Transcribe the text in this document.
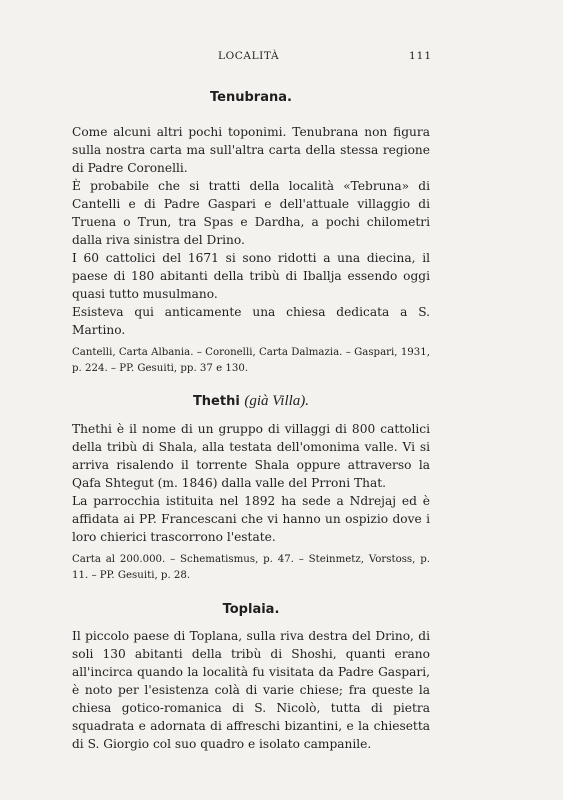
LOCALITÀ	111
Tenubrana.

Come alcuni altri pochi toponimi. Tenubrana non figura sulla nostra carta ma sull'altra carta della stessa regione di Padre Coronelli.

È probabile che si tratti della località «Tebruna» di Cantelli e di Padre Gaspari e dell'attuale villaggio di Truena o Trun, tra Spas e Dardha, a pochi chilometri dalla riva sinistra del Drino.

I 60 cattolici del 1671 si sono ridotti a una diecina, il paese di 180 abitanti della tribù di Iballja essendo oggi quasi tutto musulmano.

Esisteva qui anticamente una chiesa dedicata a S. Martino.

Cantelli, Carta Albania. – Coronelli, Carta Dalmazia. – Gaspari, 1931, p. 224. – PP. Gesuiti, pp. 37 e 130.
Thethi (già Villa).

Thethi è il nome di un gruppo di villaggi di 800 cattolici della tribù di Shala, alla testata dell'omonima valle. Vi si arriva risalendo il torrente Shala oppure attraverso la Qafa Shtegut (m. 1846) dalla valle del Prroni That.

La parrocchia istituita nel 1892 ha sede a Ndrejaj ed è affidata ai PP. Francescani che vi hanno un ospizio dove i loro chierici trascorrono l'estate.

Carta al 200.000. – Schematismus, p. 47. – Steinmetz, Vorstoss, p. 11. – PP. Gesuiti, p. 28.
Toplaia.

Il piccolo paese di Toplana, sulla riva destra del Drino, di soli 130 abitanti della tribù di Shoshi, quanti erano all'incirca quando la località fu visitata da Padre Gaspari, è noto per l'esistenza colà di varie chiese; fra queste la chiesa gotico-romanica di S. Nicolò, tutta di pietra squadrata e adornata di affreschi bizantini, e la chiesetta di S. Giorgio col suo quadro e isolato campanile.
